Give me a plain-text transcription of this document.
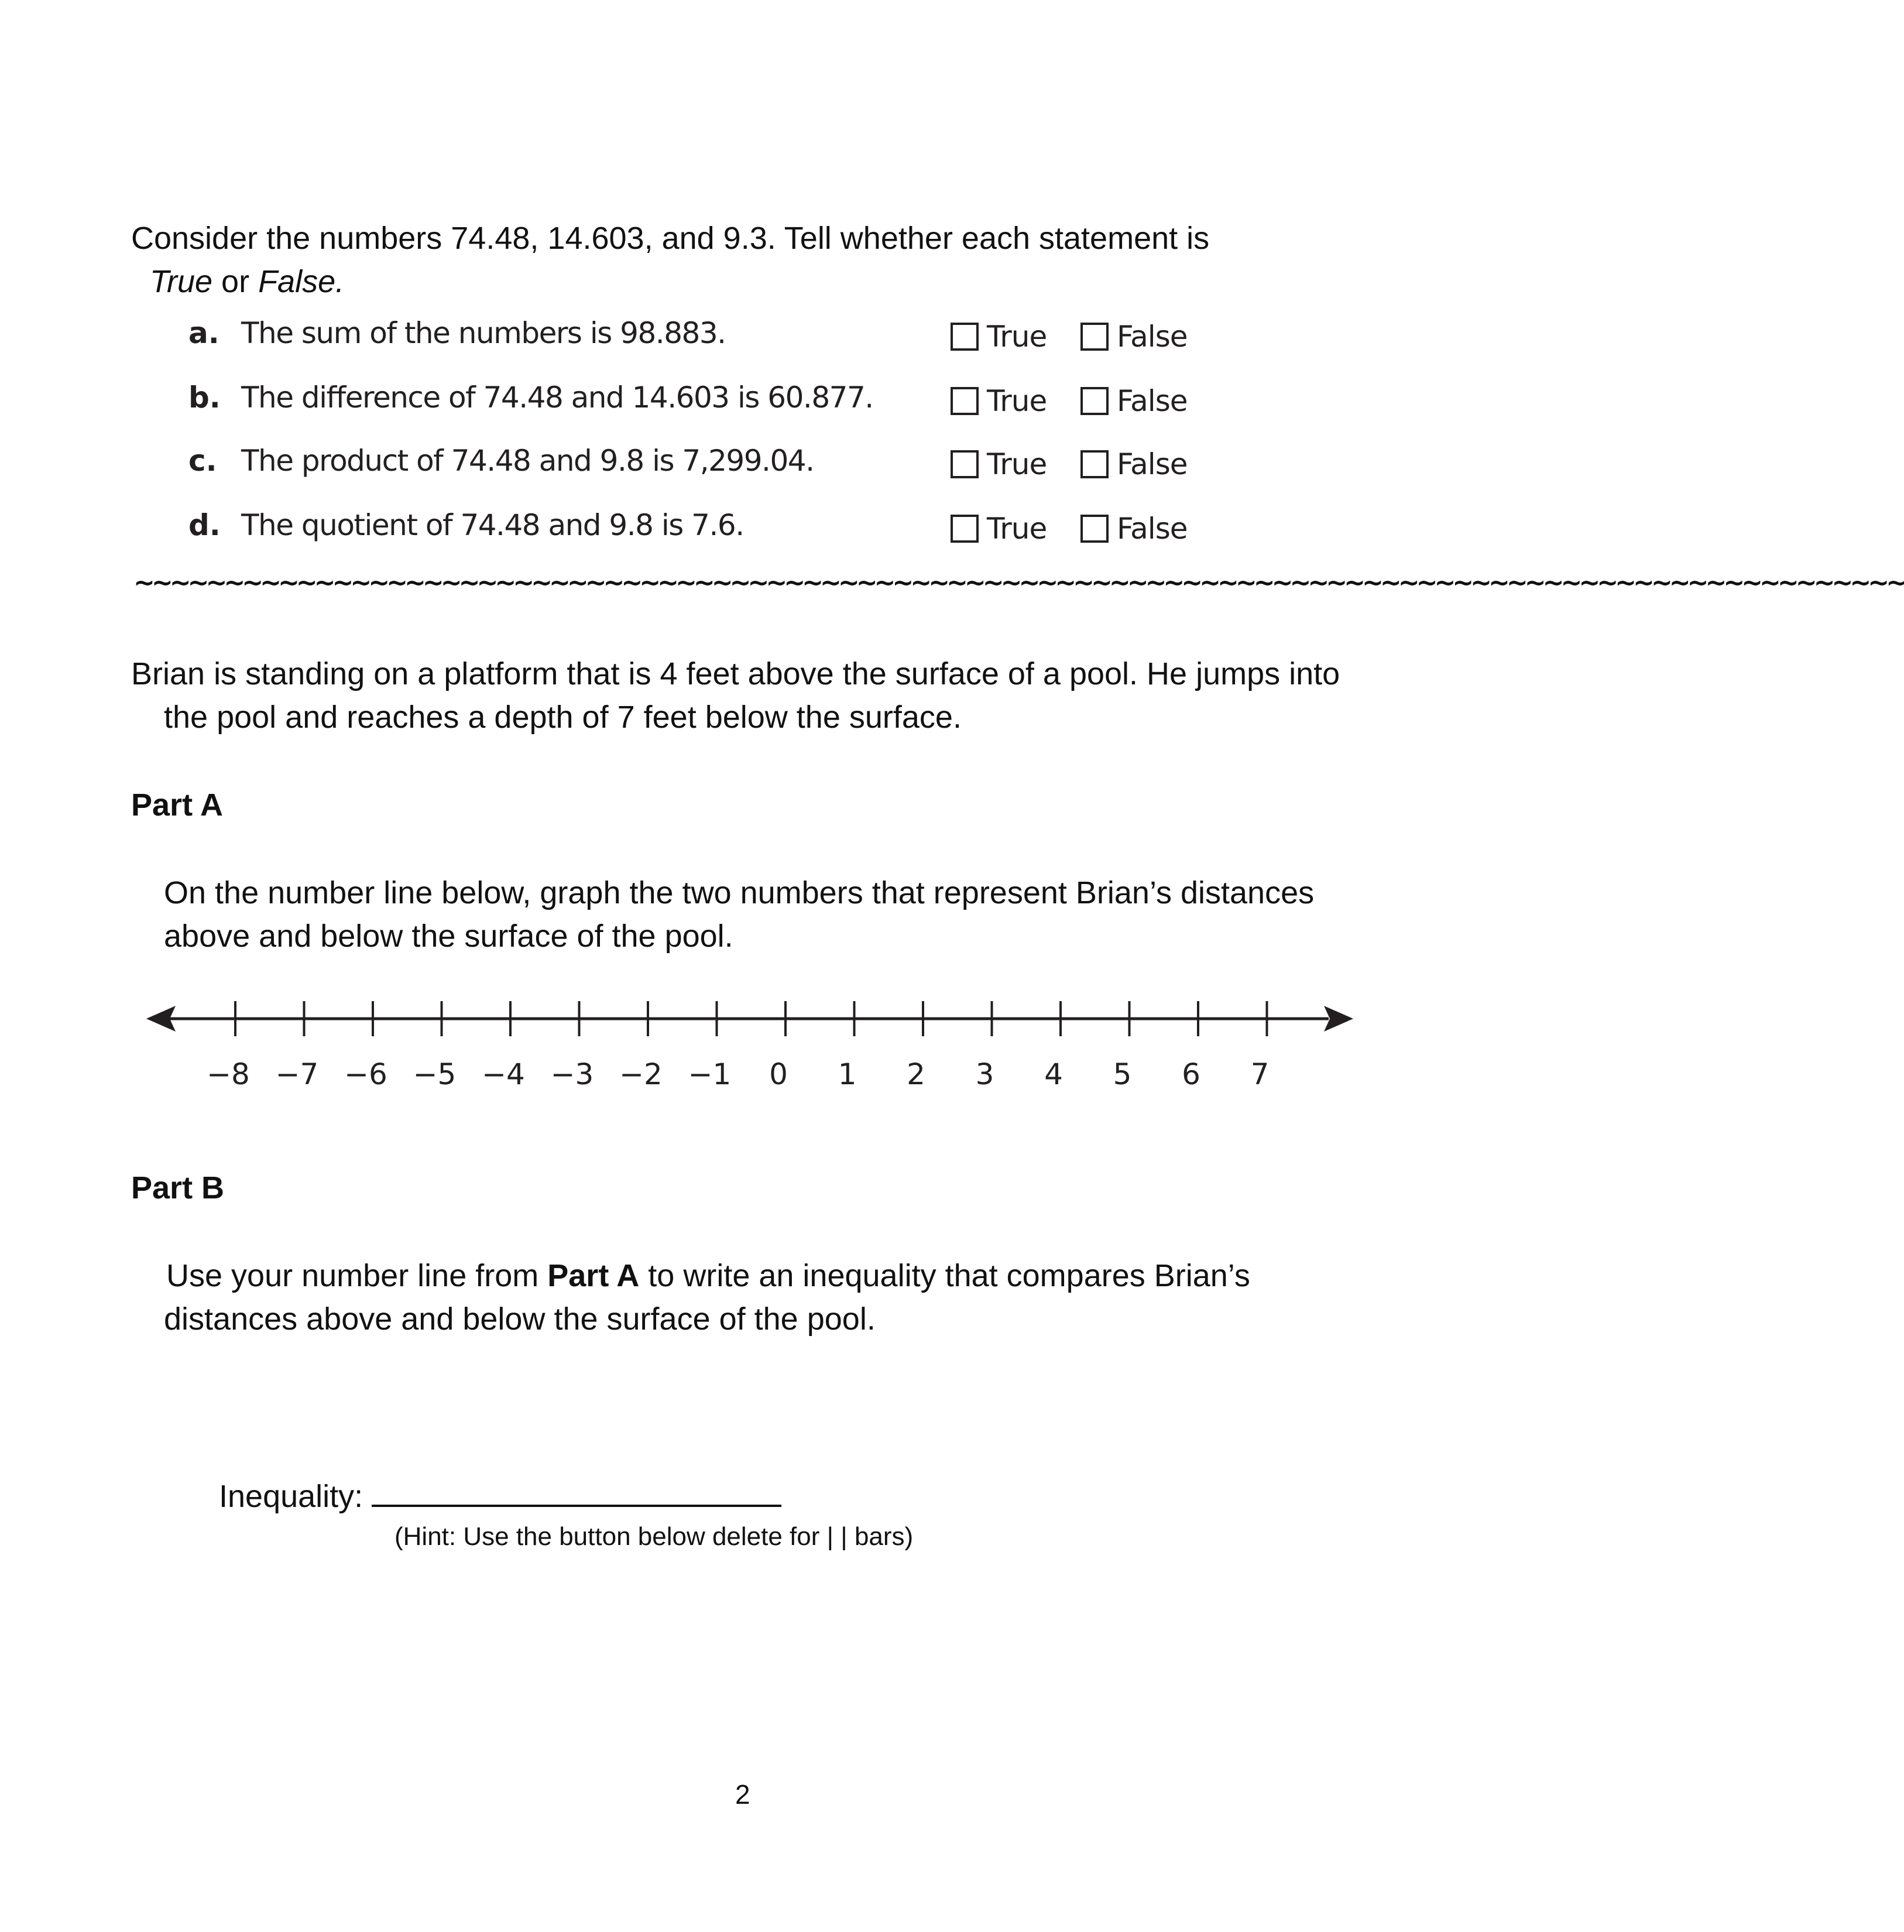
Consider the numbers 74.48, 14.603, and 9.3. Tell whether each statement is
True or False.
a. The sum of the numbers is 98.883.	True False
b. The difference of 74.48 and 14.603 is 60.877.	True False
c. The product of 74.48 and 9.8 is 7,299.04.	True False
d. The quotient of 74.48 and 9.8 is 7.6.	True False
~~~~~~~~~~~~~~~~~~~~~~~~~~~~~~~~~~~~~~~~~~~~~~~~~~~~~~~~~~~~~~~~~~~~~~~~~~~~~~~~~~~~~~~~~~~~~~~~~~
Brian is standing on a platform that is 4 feet above the surface of a pool. He jumps into
the pool and reaches a depth of 7 feet below the surface.
Part A
On the number line below, graph the two numbers that represent Brian’s distances
above and below the surface of the pool.
−8 −7 −6 −5 −4 −3 −2 −1 0 1 2 3 4 5 6 7
Part B
Use your number line from Part A to write an inequality that compares Brian’s
distances above and below the surface of the pool.
Inequality:
(Hint: Use the button below delete for | | bars)
2
